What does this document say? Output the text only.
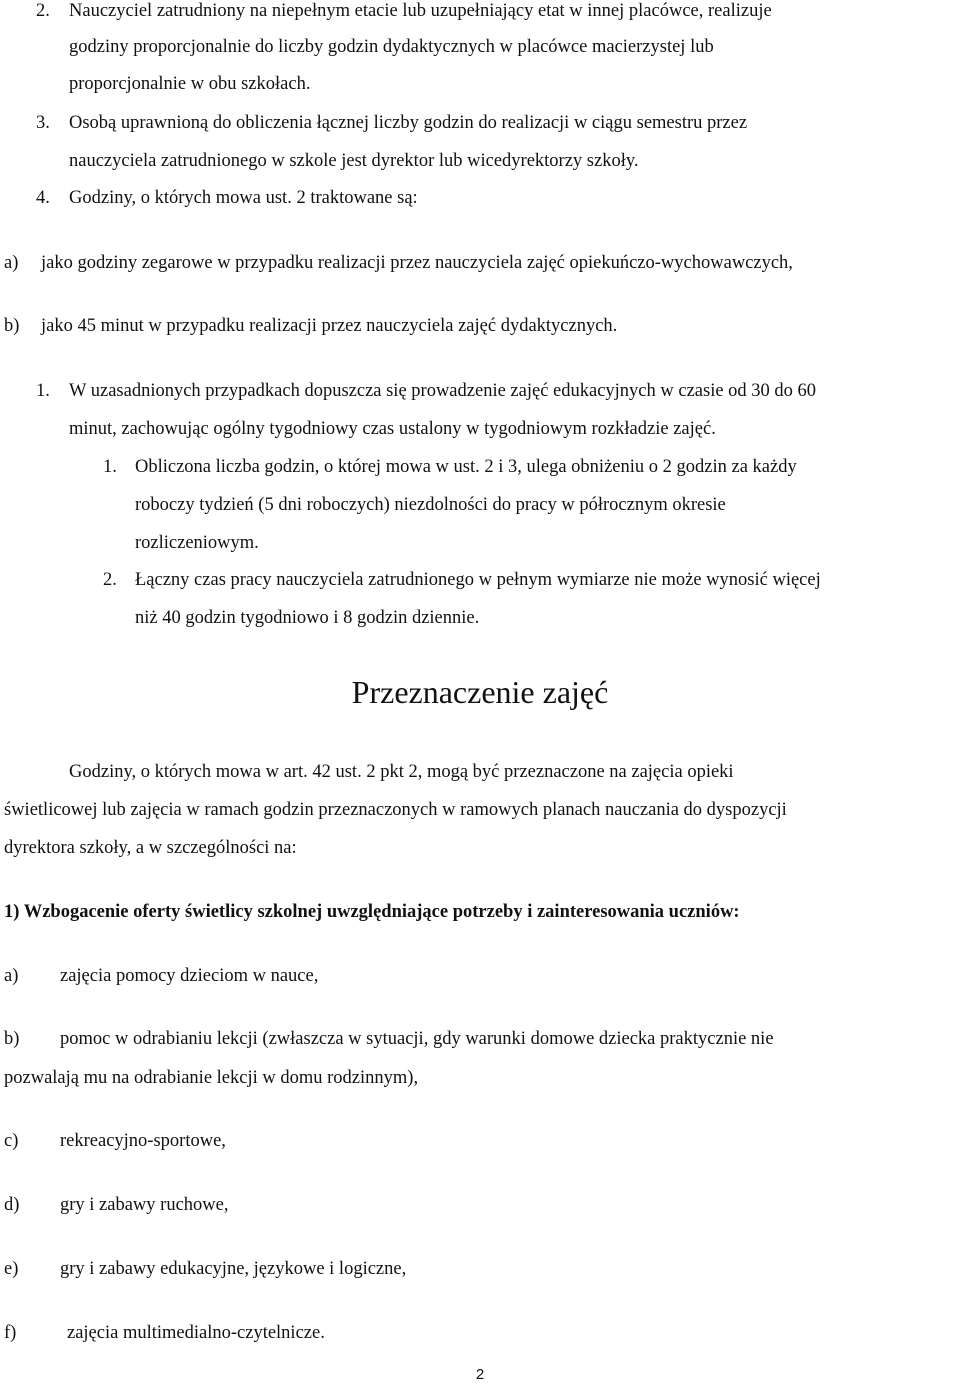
2. Nauczyciel zatrudniony na niepełnym etacie lub uzupełniający etat w innej placówce, realizuje
godziny proporcjonalnie do liczby godzin dydaktycznych w placówce macierzystej lub
proporcjonalnie w obu szkołach.
3. Osobą uprawnioną do obliczenia łącznej liczby godzin do realizacji w ciągu semestru przez
nauczyciela zatrudnionego w szkole jest dyrektor lub wicedyrektorzy szkoły.
4. Godziny, o których mowa ust. 2 traktowane są:
a) jako godziny zegarowe w przypadku realizacji przez nauczyciela zajęć opiekuńczo-wychowawczych,
b) jako 45 minut w przypadku realizacji przez nauczyciela zajęć dydaktycznych.
1. W uzasadnionych przypadkach dopuszcza się prowadzenie zajęć edukacyjnych w czasie od 30 do 60
minut, zachowując ogólny tygodniowy czas ustalony w tygodniowym rozkładzie zajęć.
1. Obliczona liczba godzin, o której mowa w ust. 2 i 3, ulega obniżeniu o 2 godzin za każdy
roboczy tydzień (5 dni roboczych) niezdolności do pracy w półrocznym okresie
rozliczeniowym.
2. Łączny czas pracy nauczyciela zatrudnionego w pełnym wymiarze nie może wynosić więcej
niż 40 godzin tygodniowo i 8 godzin dziennie.
Przeznaczenie zajęć
Godziny, o których mowa w art. 42 ust. 2 pkt 2, mogą być przeznaczone na zajęcia opieki
świetlicowej lub zajęcia w ramach godzin przeznaczonych w ramowych planach nauczania do dyspozycji
dyrektora szkoły, a w szczególności na:
1) Wzbogacenie oferty świetlicy szkolnej uwzględniające potrzeby i zainteresowania uczniów:
a) zajęcia pomocy dzieciom w nauce,
b) pomoc w odrabianiu lekcji (zwłaszcza w sytuacji, gdy warunki domowe dziecka praktycznie nie
pozwalają mu na odrabianie lekcji w domu rodzinnym),
c) rekreacyjno-sportowe,
d) gry i zabawy ruchowe,
e) gry i zabawy edukacyjne, językowe i logiczne,
f)	zajęcia multimedialno-czytelnicze.
2
